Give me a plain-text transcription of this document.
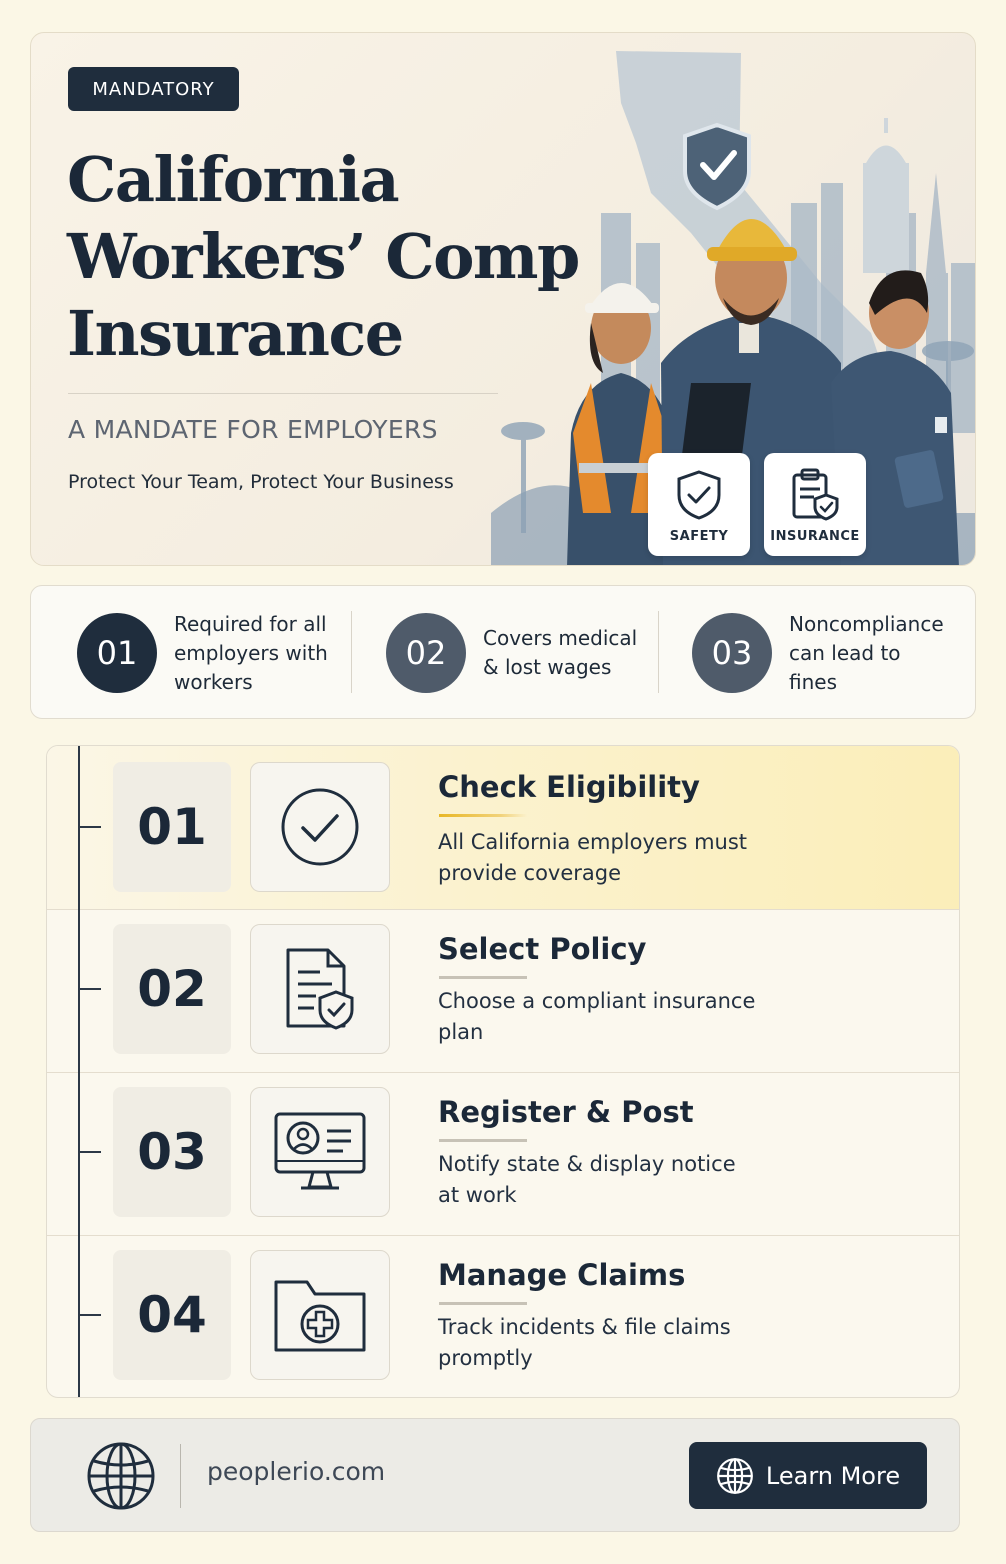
MANDATORY
California
Workers’ Comp
Insurance
A MANDATE FOR EMPLOYERS
Protect Your Team, Protect Your Business
SAFETY	INSURANCE
01
Required for all employers with workers
02	Covers medical & lost wages	03
Noncompliance can lead to fines
01
Check Eligibility
All California employers must provide coverage
02
Select Policy
Choose a compliant insurance plan
03
Register & Post
Notify state & display notice at work
04
Manage Claims
Track incidents & file claims promptly
peoplerio.com	Learn More
